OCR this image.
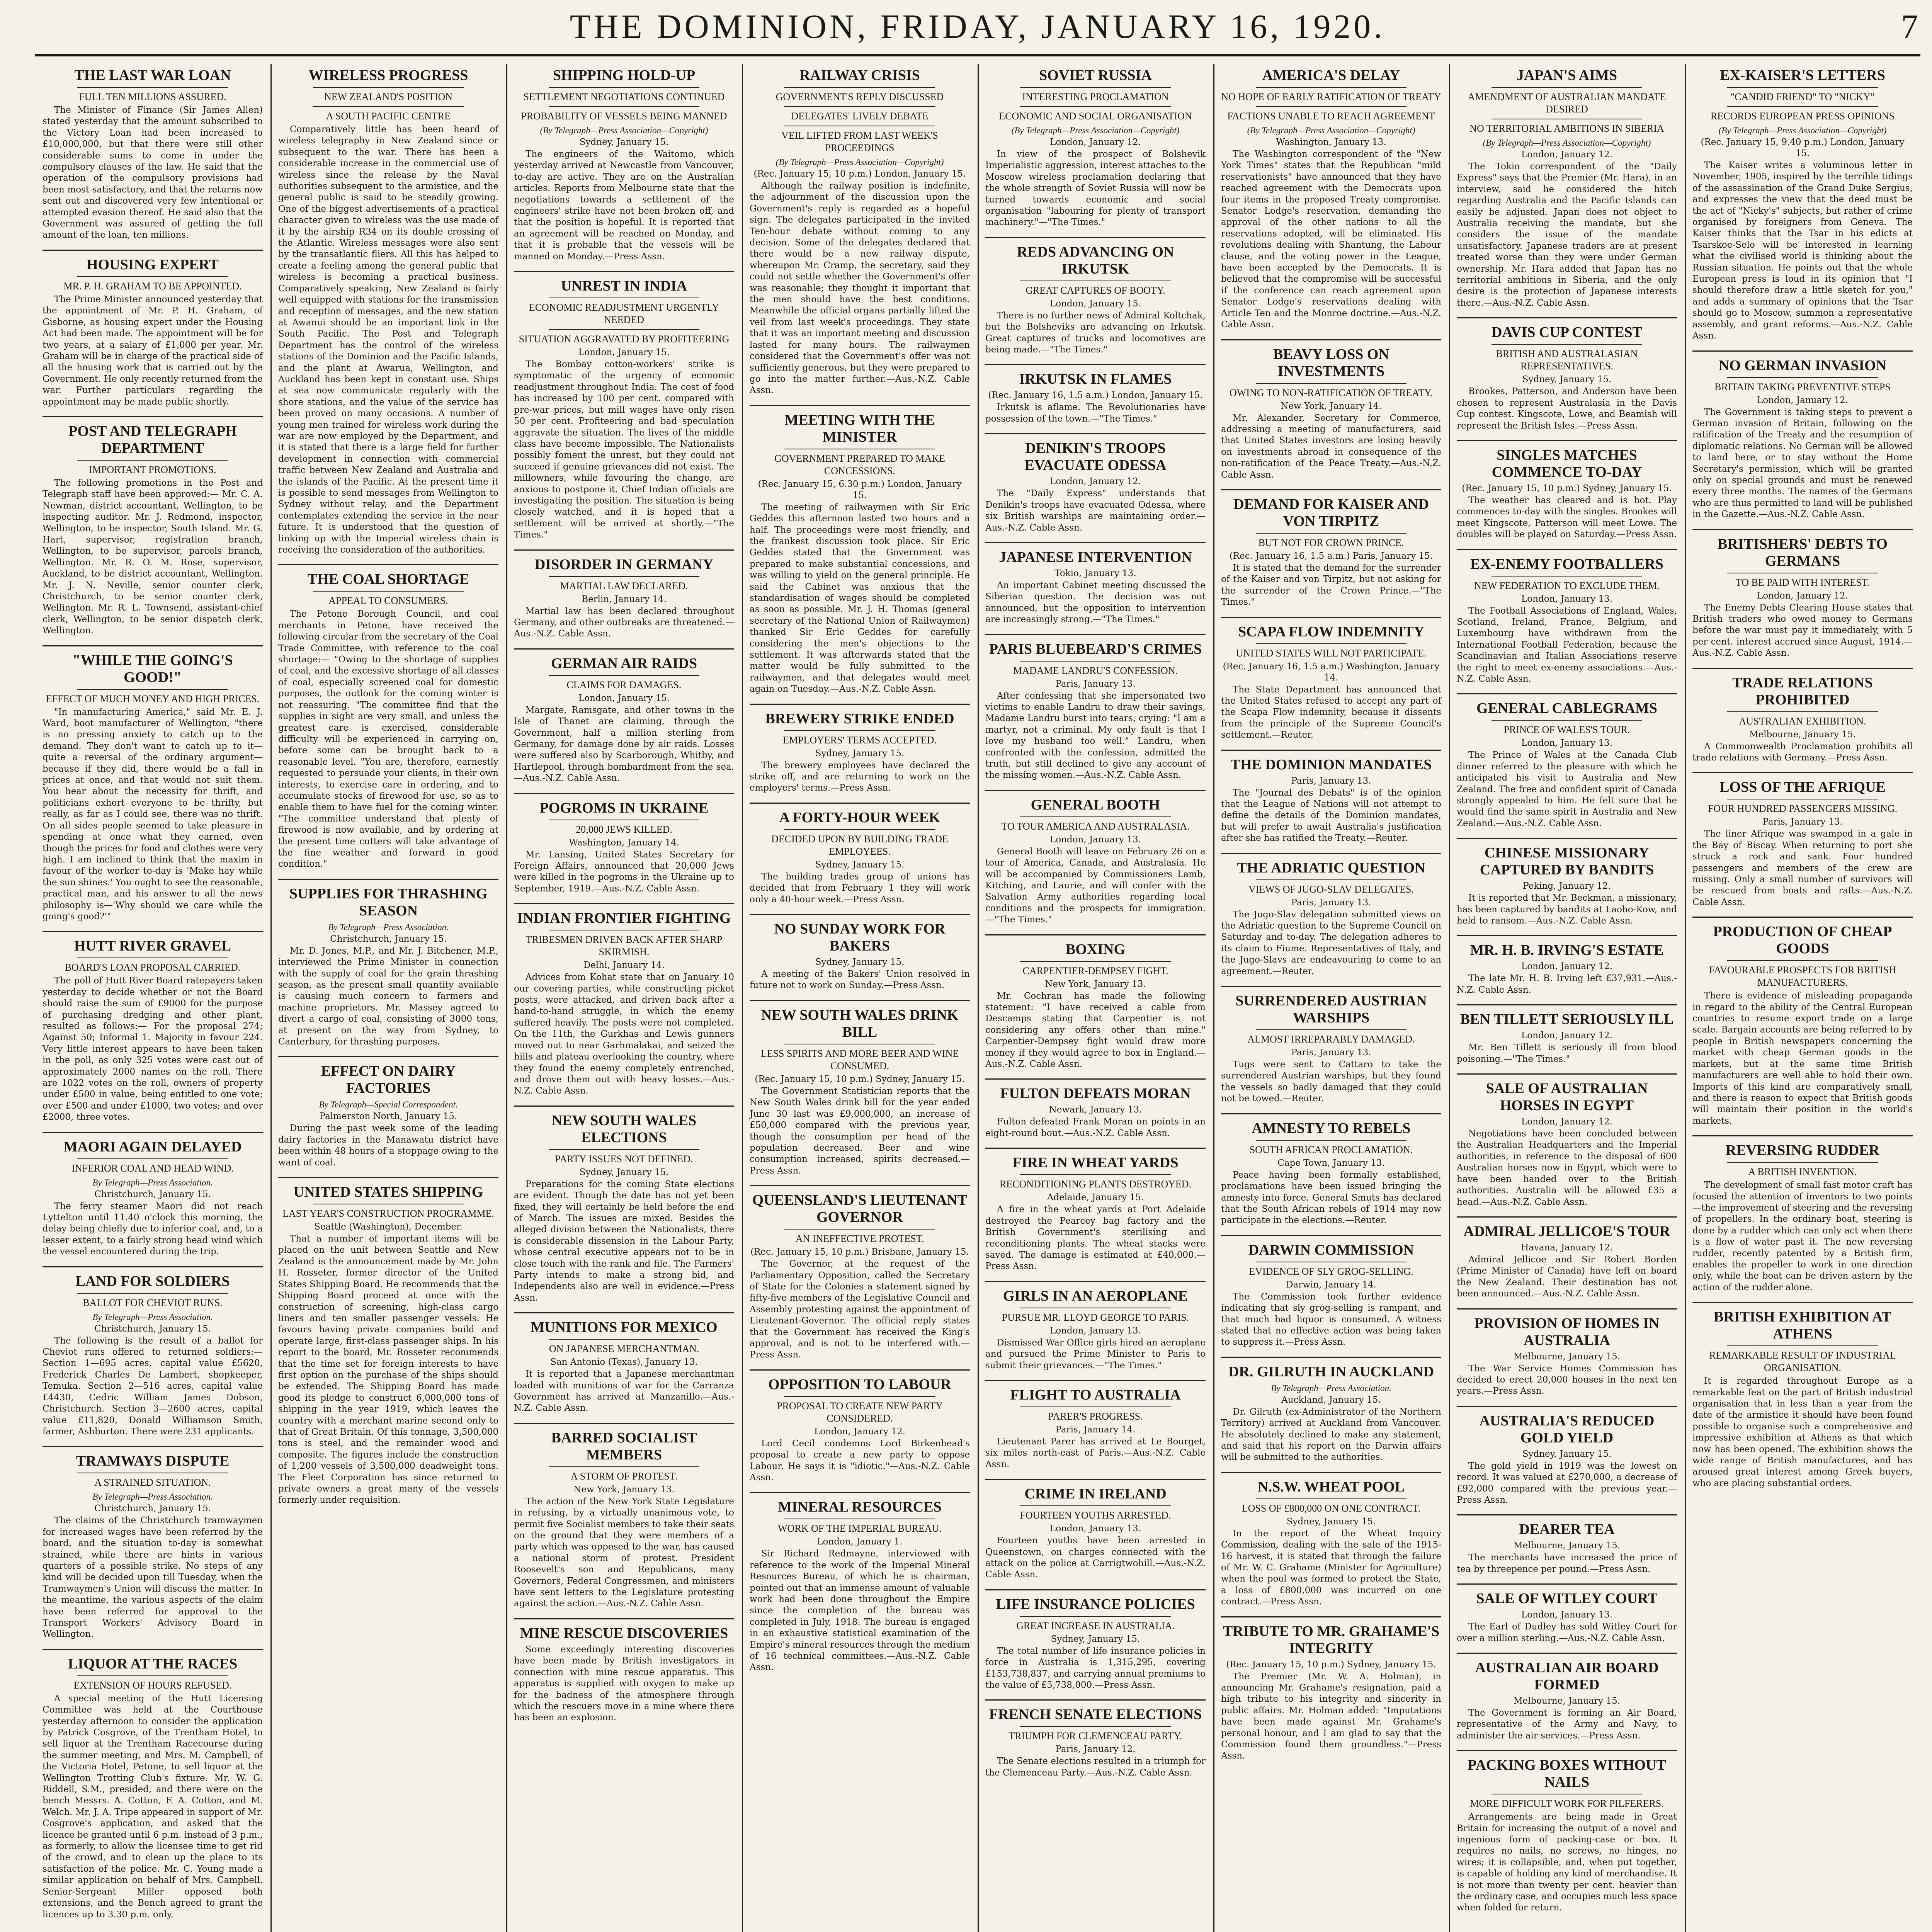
THE DOMINION, FRIDAY, JANUARY 16, 1920.	7
THE LAST WAR LOAN
FULL TEN MILLIONS ASSURED.

The Minister of Finance (Sir James Allen) stated yesterday that the amount subscribed to the Victory Loan had been increased to £10,000,000, but that there were still other considerable sums to come in under the compulsory clauses of the law. He said that the operation of the compulsory provisions had been most satisfactory, and that the returns now sent out and discovered very few intentional or attempted evasion thereof. He said also that the Government was assured of getting the full amount of the loan, ten millions.

HOUSING EXPERT
MR. P. H. GRAHAM TO BE APPOINTED.

The Prime Minister announced yesterday that the appointment of Mr. P. H. Graham, of Gisborne, as housing expert under the Housing Act had been made. The appointment will be for two years, at a salary of £1,000 per year. Mr. Graham will be in charge of the practical side of all the housing work that is carried out by the Government. He only recently returned from the war. Further particulars regarding the appointment may be made public shortly.

POST AND TELEGRAPH DEPARTMENT
IMPORTANT PROMOTIONS.

The following promotions in the Post and Telegraph staff have been approved:— Mr. C. A. Newman, district accountant, Wellington, to be inspecting auditor. Mr. J. Redmond, inspector, Wellington, to be inspector, South Island. Mr. G. Hart, supervisor, registration branch, Wellington, to be supervisor, parcels branch, Wellington. Mr. R. O. M. Rose, supervisor, Auckland, to be district accountant, Wellington. Mr. J. N. Neville, senior counter clerk, Christchurch, to be senior counter clerk, Wellington. Mr. R. L. Townsend, assistant-chief clerk, Wellington, to be senior dispatch clerk, Wellington.

"WHILE THE GOING'S GOOD!"
EFFECT OF MUCH MONEY AND HIGH PRICES.

"In manufacturing America," said Mr. E. J. Ward, boot manufacturer of Wellington, "there is no pressing anxiety to catch up to the demand. They don't want to catch up to it—quite a reversal of the ordinary argument—because if they did, there would be a fall in prices at once, and that would not suit them. You hear about the necessity for thrift, and politicians exhort everyone to be thrifty, but really, as far as I could see, there was no thrift. On all sides people seemed to take pleasure in spending at once what they earned, even though the prices for food and clothes were very high. I am inclined to think that the maxim in favour of the worker to-day is 'Make hay while the sun shines.' You ought to see the reasonable, practical man, and his answer to all the news philosophy is—'Why should we care while the going's good?'"

HUTT RIVER GRAVEL
BOARD'S LOAN PROPOSAL CARRIED.

The poll of Hutt River Board ratepayers taken yesterday to decide whether or not the Board should raise the sum of £9000 for the purpose of purchasing dredging and other plant, resulted as follows:— For the proposal 274; Against 50; Informal 1. Majority in favour 224. Very little interest appears to have been taken in the poll, as only 325 votes were cast out of approximately 2000 names on the roll. There are 1022 votes on the roll, owners of property under £500 in value, being entitled to one vote; over £500 and under £1000, two votes; and over £2000, three votes.

MAORI AGAIN DELAYED
INFERIOR COAL AND HEAD WIND.
By Telegraph—Press Association.
Christchurch, January 15.

The ferry steamer Maori did not reach Lyttelton until 11.40 o'clock this morning, the delay being chiefly due to inferior coal, and, to a lesser extent, to a fairly strong head wind which the vessel encountered during the trip.

LAND FOR SOLDIERS
BALLOT FOR CHEVIOT RUNS.
By Telegraph—Press Association.
Christchurch, January 15.

The following is the result of a ballot for Cheviot runs offered to returned soldiers:— Section 1—695 acres, capital value £5620, Frederick Charles De Lambert, shopkeeper, Temuka. Section 2—516 acres, capital value £4430, Cedric William James Dobson, Christchurch. Section 3—2600 acres, capital value £11,820, Donald Williamson Smith, farmer, Ashburton. There were 231 applicants.

TRAMWAYS DISPUTE
A STRAINED SITUATION.
By Telegraph—Press Association.
Christchurch, January 15.

The claims of the Christchurch tramwaymen for increased wages have been referred by the board, and the situation to-day is somewhat strained, while there are hints in various quarters of a possible strike. No steps of any kind will be decided upon till Tuesday, when the Tramwaymen's Union will discuss the matter. In the meantime, the various aspects of the claim have been referred for approval to the Transport Workers' Advisory Board in Wellington.

LIQUOR AT THE RACES
EXTENSION OF HOURS REFUSED.

A special meeting of the Hutt Licensing Committee was held at the Courthouse yesterday afternoon to consider the application by Patrick Cosgrove, of the Trentham Hotel, to sell liquor at the Trentham Racecourse during the summer meeting, and Mrs. M. Campbell, of the Victoria Hotel, Petone, to sell liquor at the Wellington Trotting Club's fixture. Mr. W. G. Riddell, S.M., presided, and there were on the bench Messrs. A. Cotton, F. A. Cotton, and M. Welch. Mr. J. A. Tripe appeared in support of Mr. Cosgrove's application, and asked that the licence be granted until 6 p.m. instead of 3 p.m., as formerly, to allow the licensee time to get rid of the crowd, and to clean up the place to its satisfaction of the police. Mr. C. Young made a similar application on behalf of Mrs. Campbell. Senior-Sergeant Miller opposed both extensions, and the Bench agreed to grant the licences up to 3.30 p.m. only.

WIRELESS PROGRESS
NEW ZEALAND'S POSITION
A SOUTH PACIFIC CENTRE

Comparatively little has been heard of wireless telegraphy in New Zealand since or subsequent to the war. There has been a considerable increase in the commercial use of wireless since the release by the Naval authorities subsequent to the armistice, and the general public is said to be steadily growing. One of the biggest advertisements of a practical character given to wireless was the use made of it by the airship R34 on its double crossing of the Atlantic. Wireless messages were also sent by the transatlantic fliers. All this has helped to create a feeling among the general public that wireless is becoming a practical business. Comparatively speaking, New Zealand is fairly well equipped with stations for the transmission and reception of messages, and the new station at Awanui should be an important link in the South Pacific. The Post and Telegraph Department has the control of the wireless stations of the Dominion and the Pacific Islands, and the plant at Awarua, Wellington, and Auckland has been kept in constant use. Ships at sea now communicate regularly with the shore stations, and the value of the service has been proved on many occasions. A number of young men trained for wireless work during the war are now employed by the Department, and it is stated that there is a large field for further development in connection with commercial traffic between New Zealand and Australia and the islands of the Pacific. At the present time it is possible to send messages from Wellington to Sydney without relay, and the Department contemplates extending the service in the near future. It is understood that the question of linking up with the Imperial wireless chain is receiving the consideration of the authorities.

THE COAL SHORTAGE
APPEAL TO CONSUMERS.

The Petone Borough Council, and coal merchants in Petone, have received the following circular from the secretary of the Coal Trade Committee, with reference to the coal shortage:— "Owing to the shortage of supplies of coal, and the excessive shortage of all classes of coal, especially screened coal for domestic purposes, the outlook for the coming winter is not reassuring. "The committee find that the supplies in sight are very small, and unless the greatest care is exercised, considerable difficulty will be experienced in carrying on, before some can be brought back to a reasonable level. "You are, therefore, earnestly requested to persuade your clients, in their own interests, to exercise care in ordering, and to accumulate stocks of firewood for use, so as to enable them to have fuel for the coming winter. "The committee understand that plenty of firewood is now available, and by ordering at the present time cutters will take advantage of the fine weather and forward in good condition."

SUPPLIES FOR THRASHING SEASON
By Telegraph—Press Association.
Christchurch, January 15.

Mr. D. Jones, M.P., and Mr. J. Bitchener, M.P., interviewed the Prime Minister in connection with the supply of coal for the grain thrashing season, as the present small quantity available is causing much concern to farmers and machine proprietors. Mr. Massey agreed to divert a cargo of coal, consisting of 3000 tons, at present on the way from Sydney, to Canterbury, for thrashing purposes.

EFFECT ON DAIRY FACTORIES
By Telegraph—Special Correspondent.
Palmerston North, January 15.

During the past week some of the leading dairy factories in the Manawatu district have been within 48 hours of a stoppage owing to the want of coal.

UNITED STATES SHIPPING
LAST YEAR'S CONSTRUCTION PROGRAMME.
Seattle (Washington), December.

That a number of important items will be placed on the unit between Seattle and New Zealand is the announcement made by Mr. John H. Rosseter, former director of the United States Shipping Board. He recommends that the Shipping Board proceed at once with the construction of screening, high-class cargo liners and ten smaller passenger vessels. He favours having private companies build and operate large, first-class passenger ships. In his report to the board, Mr. Rosseter recommends that the time set for foreign interests to have first option on the purchase of the ships should be extended. The Shipping Board has made good its pledge to construct 6,000,000 tons of shipping in the year 1919, which leaves the country with a merchant marine second only to that of Great Britain. Of this tonnage, 3,500,000 tons is steel, and the remainder wood and composite. The figures include the construction of 1,200 vessels of 3,500,000 deadweight tons. The Fleet Corporation has since returned to private owners a great many of the vessels formerly under requisition.

SHIPPING HOLD-UP
SETTLEMENT NEGOTIATIONS CONTINUED
PROBABILITY OF VESSELS BEING MANNED
(By Telegraph—Press Association—Copyright)
Sydney, January 15.

The engineers of the Waitomo, which yesterday arrived at Newcastle from Vancouver, to-day are active. They are on the Australian articles. Reports from Melbourne state that the negotiations towards a settlement of the engineers' strike have not been broken off, and that the position is hopeful. It is reported that an agreement will be reached on Monday, and that it is probable that the vessels will be manned on Monday.—Press Assn.

UNREST IN INDIA
ECONOMIC READJUSTMENT URGENTLY NEEDED
SITUATION AGGRAVATED BY PROFITEERING
London, January 15.

The Bombay cotton-workers' strike is symptomatic of the urgency of economic readjustment throughout India. The cost of food has increased by 100 per cent. compared with pre-war prices, but mill wages have only risen 50 per cent. Profiteering and bad speculation aggravate the situation. The lives of the middle class have become impossible. The Nationalists possibly foment the unrest, but they could not succeed if genuine grievances did not exist. The millowners, while favouring the change, are anxious to postpone it. Chief Indian officials are investigating the position. The situation is being closely watched, and it is hoped that a settlement will be arrived at shortly.—"The Times."

DISORDER IN GERMANY
MARTIAL LAW DECLARED.
Berlin, January 14.

Martial law has been declared throughout Germany, and other outbreaks are threatened.—Aus.-N.Z. Cable Assn.

GERMAN AIR RAIDS
CLAIMS FOR DAMAGES.
London, January 15.

Margate, Ramsgate, and other towns in the Isle of Thanet are claiming, through the Government, half a million sterling from Germany, for damage done by air raids. Losses were suffered also by Scarborough, Whitby, and Hartlepool, through bombardment from the sea.—Aus.-N.Z. Cable Assn.

POGROMS IN UKRAINE
20,000 JEWS KILLED.
Washington, January 14.

Mr. Lansing, United States Secretary for Foreign Affairs, announced that 20,000 Jews were killed in the pogroms in the Ukraine up to September, 1919.—Aus.-N.Z. Cable Assn.

INDIAN FRONTIER FIGHTING
TRIBESMEN DRIVEN BACK AFTER SHARP SKIRMISH.
Delhi, January 14.

Advices from Kohat state that on January 10 our covering parties, while constructing picket posts, were attacked, and driven back after a hand-to-hand struggle, in which the enemy suffered heavily. The posts were not completed. On the 11th, the Gurkhas and Lewis gunners moved out to near Garhmalakai, and seized the hills and plateau overlooking the country, where they found the enemy completely entrenched, and drove them out with heavy losses.—Aus.-N.Z. Cable Assn.

NEW SOUTH WALES ELECTIONS
PARTY ISSUES NOT DEFINED.
Sydney, January 15.

Preparations for the coming State elections are evident. Though the date has not yet been fixed, they will certainly be held before the end of March. The issues are mixed. Besides the alleged division between the Nationalists, there is considerable dissension in the Labour Party, whose central executive appears not to be in close touch with the rank and file. The Farmers' Party intends to make a strong bid, and Independents also are well in evidence.—Press Assn.

MUNITIONS FOR MEXICO
ON JAPANESE MERCHANTMAN.
San Antonio (Texas), January 13.

It is reported that a Japanese merchantman loaded with munitions of war for the Carranza Government has arrived at Manzanillo.—Aus.-N.Z. Cable Assn.

BARRED SOCIALIST MEMBERS
A STORM OF PROTEST.
New York, January 13.

The action of the New York State Legislature in refusing, by a virtually unanimous vote, to permit five Socialist members to take their seats on the ground that they were members of a party which was opposed to the war, has caused a national storm of protest. President Roosevelt's son and Republicans, many Governors, Federal Congressmen, and ministers have sent letters to the Legislature protesting against the action.—Aus.-N.Z. Cable Assn.

MINE RESCUE DISCOVERIES

Some exceedingly interesting discoveries have been made by British investigators in connection with mine rescue apparatus. This apparatus is supplied with oxygen to make up for the badness of the atmosphere through which the rescuers move in a mine where there has been an explosion.

RAILWAY CRISIS
GOVERNMENT'S REPLY DISCUSSED
DELEGATES' LIVELY DEBATE
VEIL LIFTED FROM LAST WEEK'S PROCEEDINGS
(By Telegraph—Press Association—Copyright)
(Rec. January 15, 10 p.m.) London, January 15.

Although the railway position is indefinite, the adjournment of the discussion upon the Government's reply is regarded as a hopeful sign. The delegates participated in the invited Ten-hour debate without coming to any decision. Some of the delegates declared that there would be a new railway dispute, whereupon Mr. Cramp, the secretary, said they could not settle whether the Government's offer was reasonable; they thought it important that the men should have the best conditions. Meanwhile the official organs partially lifted the veil from last week's proceedings. They state that it was an important meeting and discussion lasted for many hours. The railwaymen considered that the Government's offer was not sufficiently generous, but they were prepared to go into the matter further.—Aus.-N.Z. Cable Assn.

MEETING WITH THE MINISTER
GOVERNMENT PREPARED TO MAKE CONCESSIONS.
(Rec. January 15, 6.30 p.m.) London, January 15.

The meeting of railwaymen with Sir Eric Geddes this afternoon lasted two hours and a half. The proceedings were most friendly, and the frankest discussion took place. Sir Eric Geddes stated that the Government was prepared to make substantial concessions, and was willing to yield on the general principle. He said the Cabinet was anxious that the standardisation of wages should be completed as soon as possible. Mr. J. H. Thomas (general secretary of the National Union of Railwaymen) thanked Sir Eric Geddes for carefully considering the men's objections to the settlement. It was afterwards stated that the matter would be fully submitted to the railwaymen, and that delegates would meet again on Tuesday.—Aus.-N.Z. Cable Assn.

BREWERY STRIKE ENDED
EMPLOYERS' TERMS ACCEPTED.
Sydney, January 15.

The brewery employees have declared the strike off, and are returning to work on the employers' terms.—Press Assn.

A FORTY-HOUR WEEK
DECIDED UPON BY BUILDING TRADE EMPLOYEES.
Sydney, January 15.

The building trades group of unions has decided that from February 1 they will work only a 40-hour week.—Press Assn.

NO SUNDAY WORK FOR BAKERS
Sydney, January 15.

A meeting of the Bakers' Union resolved in future not to work on Sunday.—Press Assn.

NEW SOUTH WALES DRINK BILL
LESS SPIRITS AND MORE BEER AND WINE CONSUMED.
(Rec. January 15, 10 p.m.) Sydney, January 15.

The Government Statistician reports that the New South Wales drink bill for the year ended June 30 last was £9,000,000, an increase of £50,000 compared with the previous year, though the consumption per head of the population decreased. Beer and wine consumption increased, spirits decreased.—Press Assn.

QUEENSLAND'S LIEUTENANT GOVERNOR
AN INEFFECTIVE PROTEST.
(Rec. January 15, 10 p.m.) Brisbane, January 15.

The Governor, at the request of the Parliamentary Opposition, called the Secretary of State for the Colonies a statement signed by fifty-five members of the Legislative Council and Assembly protesting against the appointment of Lieutenant-Governor. The official reply states that the Government has received the King's approval, and is not to be interfered with.—Press Assn.

OPPOSITION TO LABOUR
PROPOSAL TO CREATE NEW PARTY CONSIDERED.
London, January 12.

Lord Cecil condemns Lord Birkenhead's proposal to create a new party to oppose Labour. He says it is "idiotic."—Aus.-N.Z. Cable Assn.

MINERAL RESOURCES
WORK OF THE IMPERIAL BUREAU.
London, January 1.

Sir Richard Redmayne, interviewed with reference to the work of the Imperial Mineral Resources Bureau, of which he is chairman, pointed out that an immense amount of valuable work had been done throughout the Empire since the completion of the bureau was completed in July, 1918. The bureau is engaged in an exhaustive statistical examination of the Empire's mineral resources through the medium of 16 technical committees.—Aus.-N.Z. Cable Assn.

SOVIET RUSSIA
INTERESTING PROCLAMATION
ECONOMIC AND SOCIAL ORGANISATION
(By Telegraph—Press Association—Copyright)
London, January 12.

In view of the prospect of Bolshevik Imperialistic aggression, interest attaches to the Moscow wireless proclamation declaring that the whole strength of Soviet Russia will now be turned towards economic and social organisation "labouring for plenty of transport machinery."—"The Times."

REDS ADVANCING ON IRKUTSK
GREAT CAPTURES OF BOOTY.
London, January 15.

There is no further news of Admiral Koltchak, but the Bolsheviks are advancing on Irkutsk. Great captures of trucks and locomotives are being made.—"The Times."

IRKUTSK IN FLAMES
(Rec. January 16, 1.5 a.m.) London, January 15.

Irkutsk is aflame. The Revolutionaries have possession of the town.—"The Times."

DENIKIN'S TROOPS EVACUATE ODESSA
London, January 12.

The "Daily Express" understands that Denikin's troops have evacuated Odessa, where six British warships are maintaining order.—Aus.-N.Z. Cable Assn.

JAPANESE INTERVENTION
Tokio, January 13.

An important Cabinet meeting discussed the Siberian question. The decision was not announced, but the opposition to intervention are increasingly strong.—"The Times."

PARIS BLUEBEARD'S CRIMES
MADAME LANDRU'S CONFESSION.
Paris, January 13.

After confessing that she impersonated two victims to enable Landru to draw their savings, Madame Landru burst into tears, crying: "I am a martyr, not a criminal. My only fault is that I love my husband too well." Landru, when confronted with the confession, admitted the truth, but still declined to give any account of the missing women.—Aus.-N.Z. Cable Assn.

GENERAL BOOTH
TO TOUR AMERICA AND AUSTRALASIA.
London, January 13.

General Booth will leave on February 26 on a tour of America, Canada, and Australasia. He will be accompanied by Commissioners Lamb, Kitching, and Laurie, and will confer with the Salvation Army authorities regarding local conditions and the prospects for immigration.—"The Times."

BOXING
CARPENTIER-DEMPSEY FIGHT.
New York, January 13.

Mr. Cochran has made the following statement: "I have received a cable from Descamps stating that Carpentier is not considering any offers other than mine." Carpentier-Dempsey fight would draw more money if they would agree to box in England.—Aus.-N.Z. Cable Assn.

FULTON DEFEATS MORAN
Newark, January 13.

Fulton defeated Frank Moran on points in an eight-round bout.—Aus.-N.Z. Cable Assn.

FIRE IN WHEAT YARDS
RECONDITIONING PLANTS DESTROYED.
Adelaide, January 15.

A fire in the wheat yards at Port Adelaide destroyed the Pearcey bag factory and the British Government's sterilising and reconditioning plants. The wheat stacks were saved. The damage is estimated at £40,000.—Press Assn.

GIRLS IN AN AEROPLANE
PURSUE MR. LLOYD GEORGE TO PARIS.
London, January 13.

Dismissed War Office girls hired an aeroplane and pursued the Prime Minister to Paris to submit their grievances.—"The Times."

FLIGHT TO AUSTRALIA
PARER'S PROGRESS.
Paris, January 14.

Lieutenant Parer has arrived at Le Bourget, six miles north-east of Paris.—Aus.-N.Z. Cable Assn.

CRIME IN IRELAND
FOURTEEN YOUTHS ARRESTED.
London, January 13.

Fourteen youths have been arrested in Queenstown, on charges connected with the attack on the police at Carrigtwohill.—Aus.-N.Z. Cable Assn.

LIFE INSURANCE POLICIES
GREAT INCREASE IN AUSTRALIA.
Sydney, January 15.

The total number of life insurance policies in force in Australia is 1,315,295, covering £153,738,837, and carrying annual premiums to the value of £5,738,000.—Press Assn.

FRENCH SENATE ELECTIONS
TRIUMPH FOR CLEMENCEAU PARTY.
Paris, January 12.

The Senate elections resulted in a triumph for the Clemenceau Party.—Aus.-N.Z. Cable Assn.

AMERICA'S DELAY
NO HOPE OF EARLY RATIFICATION OF TREATY
FACTIONS UNABLE TO REACH AGREEMENT
(By Telegraph—Press Association—Copyright)
Washington, January 13.

The Washington correspondent of the "New York Times" states that the Republican "mild reservationists" have announced that they have reached agreement with the Democrats upon four items in the proposed Treaty compromise. Senator Lodge's reservation, demanding the approval of the other nations to all the reservations adopted, will be eliminated. His revolutions dealing with Shantung, the Labour clause, and the voting power in the League, have been accepted by the Democrats. It is believed that the compromise will be successful if the conference can reach agreement upon Senator Lodge's reservations dealing with Article Ten and the Monroe doctrine.—Aus.-N.Z. Cable Assn.

BEAVY LOSS ON INVESTMENTS
OWING TO NON-RATIFICATION OF TREATY.
New York, January 14.

Mr. Alexander, Secretary for Commerce, addressing a meeting of manufacturers, said that United States investors are losing heavily on investments abroad in consequence of the non-ratification of the Peace Treaty.—Aus.-N.Z. Cable Assn.

DEMAND FOR KAISER AND VON TIRPITZ
BUT NOT FOR CROWN PRINCE.
(Rec. January 16, 1.5 a.m.) Paris, January 15.

It is stated that the demand for the surrender of the Kaiser and von Tirpitz, but not asking for the surrender of the Crown Prince.—"The Times."

SCAPA FLOW INDEMNITY
UNITED STATES WILL NOT PARTICIPATE.
(Rec. January 16, 1.5 a.m.) Washington, January 14.

The State Department has announced that the United States refused to accept any part of the Scapa Flow indemnity, because it dissents from the principle of the Supreme Council's settlement.—Reuter.

THE DOMINION MANDATES
Paris, January 13.

The "Journal des Debats" is of the opinion that the League of Nations will not attempt to define the details of the Dominion mandates, but will prefer to await Australia's justification after she has ratified the Treaty.—Reuter.

THE ADRIATIC QUESTION
VIEWS OF JUGO-SLAV DELEGATES.
Paris, January 13.

The Jugo-Slav delegation submitted views on the Adriatic question to the Supreme Council on Saturday and to-day. The delegation adheres to its claim to Fiume. Representatives of Italy, and the Jugo-Slavs are endeavouring to come to an agreement.—Reuter.

SURRENDERED AUSTRIAN WARSHIPS
ALMOST IRREPARABLY DAMAGED.
Paris, January 13.

Tugs were sent to Cattaro to take the surrendered Austrian warships, but they found the vessels so badly damaged that they could not be towed.—Reuter.

AMNESTY TO REBELS
SOUTH AFRICAN PROCLAMATION.
Cape Town, January 13.

Peace having been formally established, proclamations have been issued bringing the amnesty into force. General Smuts has declared that the South African rebels of 1914 may now participate in the elections.—Reuter.

DARWIN COMMISSION
EVIDENCE OF SLY GROG-SELLING.
Darwin, January 14.

The Commission took further evidence indicating that sly grog-selling is rampant, and that much bad liquor is consumed. A witness stated that no effective action was being taken to suppress it.—Press Assn.

DR. GILRUTH IN AUCKLAND
By Telegraph—Press Association.
Auckland, January 15.

Dr. Gilruth (ex-Administrator of the Northern Territory) arrived at Auckland from Vancouver. He absolutely declined to make any statement, and said that his report on the Darwin affairs will be submitted to the authorities.

N.S.W. WHEAT POOL
LOSS OF £800,000 ON ONE CONTRACT.
Sydney, January 15.

In the report of the Wheat Inquiry Commission, dealing with the sale of the 1915-16 harvest, it is stated that through the failure of Mr. W. C. Grahame (Minister for Agriculture) when the pool was formed to protect the State, a loss of £800,000 was incurred on one contract.—Press Assn.

TRIBUTE TO MR. GRAHAME'S INTEGRITY
(Rec. January 15, 10 p.m.) Sydney, January 15.

The Premier (Mr. W. A. Holman), in announcing Mr. Grahame's resignation, paid a high tribute to his integrity and sincerity in public affairs. Mr. Holman added: "Imputations have been made against Mr. Grahame's personal honour, and I am glad to say that the Commission found them groundless."—Press Assn.

JAPAN'S AIMS
AMENDMENT OF AUSTRALIAN MANDATE DESIRED
NO TERRITORIAL AMBITIONS IN SIBERIA
(By Telegraph—Press Association—Copyright)
London, January 12.

The Tokio correspondent of the "Daily Express" says that the Premier (Mr. Hara), in an interview, said he considered the hitch regarding Australia and the Pacific Islands can easily be adjusted. Japan does not object to Australia receiving the mandate, but she considers the issue of the mandate unsatisfactory. Japanese traders are at present treated worse than they were under German ownership. Mr. Hara added that Japan has no territorial ambitions in Siberia, and the only desire is the protection of Japanese interests there.—Aus.-N.Z. Cable Assn.

DAVIS CUP CONTEST
BRITISH AND AUSTRALASIAN REPRESENTATIVES.
Sydney, January 15.

Brookes, Patterson, and Anderson have been chosen to represent Australasia in the Davis Cup contest. Kingscote, Lowe, and Beamish will represent the British Isles.—Press Assn.

SINGLES MATCHES COMMENCE TO-DAY
(Rec. January 15, 10 p.m.) Sydney, January 15.

The weather has cleared and is hot. Play commences to-day with the singles. Brookes will meet Kingscote, Patterson will meet Lowe. The doubles will be played on Saturday.—Press Assn.

EX-ENEMY FOOTBALLERS
NEW FEDERATION TO EXCLUDE THEM.
London, January 13.

The Football Associations of England, Wales, Scotland, Ireland, France, Belgium, and Luxembourg have withdrawn from the International Football Federation, because the Scandinavian and Italian Associations reserve the right to meet ex-enemy associations.—Aus.-N.Z. Cable Assn.

GENERAL CABLEGRAMS
PRINCE OF WALES'S TOUR.
London, January 13.

The Prince of Wales at the Canada Club dinner referred to the pleasure with which he anticipated his visit to Australia and New Zealand. The free and confident spirit of Canada strongly appealed to him. He felt sure that he would find the same spirit in Australia and New Zealand.—Aus.-N.Z. Cable Assn.

CHINESE MISSIONARY CAPTURED BY BANDITS
Peking, January 12.

It is reported that Mr. Beckman, a missionary, has been captured by bandits at Laoho-Kow, and held to ransom.—Aus.-N.Z. Cable Assn.

MR. H. B. IRVING'S ESTATE
London, January 12.

The late Mr. H. B. Irving left £37,931.—Aus.-N.Z. Cable Assn.

BEN TILLETT SERIOUSLY ILL
London, January 12.

Mr. Ben Tillett is seriously ill from blood poisoning.—"The Times."

SALE OF AUSTRALIAN HORSES IN EGYPT
London, January 12.

Negotiations have been concluded between the Australian Headquarters and the Imperial authorities, in reference to the disposal of 600 Australian horses now in Egypt, which were to have been handed over to the British authorities. Australia will be allowed £35 a head.—Aus.-N.Z. Cable Assn.

ADMIRAL JELLICOE'S TOUR
Havana, January 12.

Admiral Jellicoe and Sir Robert Borden (Prime Minister of Canada) have left on board the New Zealand. Their destination has not been announced.—Aus.-N.Z. Cable Assn.

PROVISION OF HOMES IN AUSTRALIA
Melbourne, January 15.

The War Service Homes Commission has decided to erect 20,000 houses in the next ten years.—Press Assn.

AUSTRALIA'S REDUCED GOLD YIELD
Sydney, January 15.

The gold yield in 1919 was the lowest on record. It was valued at £270,000, a decrease of £92,000 compared with the previous year.—Press Assn.

DEARER TEA
Melbourne, January 15.

The merchants have increased the price of tea by threepence per pound.—Press Assn.

SALE OF WITLEY COURT
London, January 13.

The Earl of Dudley has sold Witley Court for over a million sterling.—Aus.-N.Z. Cable Assn.

AUSTRALIAN AIR BOARD FORMED
Melbourne, January 15.

The Government is forming an Air Board, representative of the Army and Navy, to administer the air services.—Press Assn.

PACKING BOXES WITHOUT NAILS
MORE DIFFICULT WORK FOR PILFERERS.

Arrangements are being made in Great Britain for increasing the output of a novel and ingenious form of packing-case or box. It requires no nails, no screws, no hinges, no wires; it is collapsible, and, when put together, is capable of holding any kind of merchandise. It is not more than twenty per cent. heavier than the ordinary case, and occupies much less space when folded for return.

EX-KAISER'S LETTERS
"CANDID FRIEND" TO "NICKY"
RECORDS EUROPEAN PRESS OPINIONS
(By Telegraph—Press Association—Copyright)
(Rec. January 15, 9.40 p.m.) London, January 15.

The Kaiser writes a voluminous letter in November, 1905, inspired by the terrible tidings of the assassination of the Grand Duke Sergius, and expresses the view that the deed must be the act of "Nicky's" subjects, but rather of crime organised by foreigners from Geneva. The Kaiser thinks that the Tsar in his edicts at Tsarskoe-Selo will be interested in learning what the civilised world is thinking about the Russian situation. He points out that the whole European press is loud in its opinion that "I should therefore draw a little sketch for you," and adds a summary of opinions that the Tsar should go to Moscow, summon a representative assembly, and grant reforms.—Aus.-N.Z. Cable Assn.

NO GERMAN INVASION
BRITAIN TAKING PREVENTIVE STEPS
London, January 12.

The Government is taking steps to prevent a German invasion of Britain, following on the ratification of the Treaty and the resumption of diplomatic relations. No German will be allowed to land here, or to stay without the Home Secretary's permission, which will be granted only on special grounds and must be renewed every three months. The names of the Germans who are thus permitted to land will be published in the Gazette.—Aus.-N.Z. Cable Assn.

BRITISHERS' DEBTS TO GERMANS
TO BE PAID WITH INTEREST.
London, January 12.

The Enemy Debts Clearing House states that British traders who owed money to Germans before the war must pay it immediately, with 5 per cent. interest accrued since August, 1914.—Aus.-N.Z. Cable Assn.

TRADE RELATIONS PROHIBITED
AUSTRALIAN EXHIBITION.
Melbourne, January 15.

A Commonwealth Proclamation prohibits all trade relations with Germany.—Press Assn.

LOSS OF THE AFRIQUE
FOUR HUNDRED PASSENGERS MISSING.
Paris, January 13.

The liner Afrique was swamped in a gale in the Bay of Biscay. When returning to port she struck a rock and sank. Four hundred passengers and members of the crew are missing. Only a small number of survivors will be rescued from boats and rafts.—Aus.-N.Z. Cable Assn.

PRODUCTION OF CHEAP GOODS
FAVOURABLE PROSPECTS FOR BRITISH MANUFACTURERS.

There is evidence of misleading propaganda in regard to the ability of the Central European countries to resume export trade on a large scale. Bargain accounts are being referred to by people in British newspapers concerning the market with cheap German goods in the markets, but at the same time British manufacturers are well able to hold their own. Imports of this kind are comparatively small, and there is reason to expect that British goods will maintain their position in the world's markets.

REVERSING RUDDER
A BRITISH INVENTION.

The development of small fast motor craft has focused the attention of inventors to two points—the improvement of steering and the reversing of propellers. In the ordinary boat, steering is done by a rudder which can only act when there is a flow of water past it. The new reversing rudder, recently patented by a British firm, enables the propeller to work in one direction only, while the boat can be driven astern by the action of the rudder alone.

BRITISH EXHIBITION AT ATHENS
REMARKABLE RESULT OF INDUSTRIAL ORGANISATION.

It is regarded throughout Europe as a remarkable feat on the part of British industrial organisation that in less than a year from the date of the armistice it should have been found possible to organise such a comprehensive and impressive exhibition at Athens as that which now has been opened. The exhibition shows the wide range of British manufactures, and has aroused great interest among Greek buyers, who are placing substantial orders.
